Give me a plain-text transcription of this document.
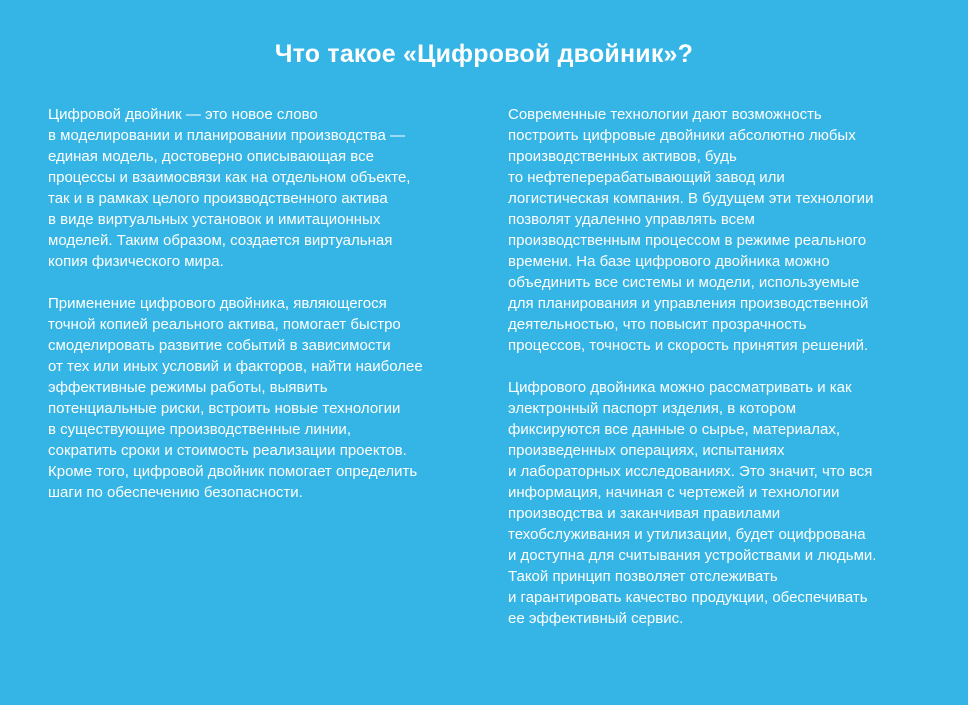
Что такое «Цифровой двойник»?

Цифровой двойник — это новое слово
в моделировании и планировании производства —
единая модель, достоверно описывающая все
процессы и взаимосвязи как на отдельном объекте,
так и в рамках целого производственного актива
в виде виртуальных установок и имитационных
моделей. Таким образом, создается виртуальная
копия физического мира.

Применение цифрового двойника, являющегося
точной копией реального актива, помогает быстро
смоделировать развитие событий в зависимости
от тех или иных условий и факторов, найти наиболее
эффективные режимы работы, выявить
потенциальные риски, встроить новые технологии
в существующие производственные линии,
сократить сроки и стоимость реализации проектов.
Кроме того, цифровой двойник помогает определить
шаги по обеспечению безопасности.

Современные технологии дают возможность
построить цифровые двойники абсолютно любых
производственных активов, будь
то нефтеперерабатывающий завод или
логистическая компания. В будущем эти технологии
позволят удаленно управлять всем
производственным процессом в режиме реального
времени. На базе цифрового двойника можно
объединить все системы и модели, используемые
для планирования и управления производственной
деятельностью, что повысит прозрачность
процессов, точность и скорость принятия решений.

Цифрового двойника можно рассматривать и как
электронный паспорт изделия, в котором
фиксируются все данные о сырье, материалах,
произведенных операциях, испытаниях
и лабораторных исследованиях. Это значит, что вся
информация, начиная с чертежей и технологии
производства и заканчивая правилами
техобслуживания и утилизации, будет оцифрована
и доступна для считывания устройствами и людьми.
Такой принцип позволяет отслеживать
и гарантировать качество продукции, обеспечивать
ее эффективный сервис.
